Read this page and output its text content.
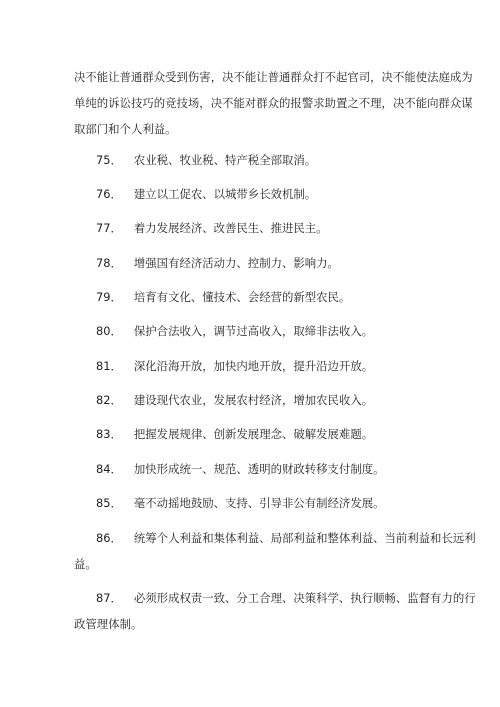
决不能让普通群众受到伤害，决不能让普通群众打不起官司，决不能使法庭成为
单纯的诉讼技巧的竞技场，决不能对群众的报警求助置之不理，决不能向群众谋
取部门和个人利益。
75． 农业税、牧业税、特产税全部取消。
76． 建立以工促农、以城带乡长效机制。
77． 着力发展经济、改善民生、推进民主。
78． 增强国有经济活动力、控制力、影响力。
79． 培育有文化、懂技术、会经营的新型农民。
80． 保护合法收入，调节过高收入，取缔非法收入。
81． 深化沿海开放，加快内地开放，提升沿边开放。
82． 建设现代农业，发展农村经济，增加农民收入。
83． 把握发展规律、创新发展理念、破解发展难题。
84． 加快形成统一、规范、透明的财政转移支付制度。
85． 毫不动摇地鼓励、支持、引导非公有制经济发展。
86． 统筹个人利益和集体利益、局部利益和整体利益、当前利益和长远利
益。
87． 必须形成权责一致、分工合理、决策科学、执行顺畅、监督有力的行
政管理体制。
